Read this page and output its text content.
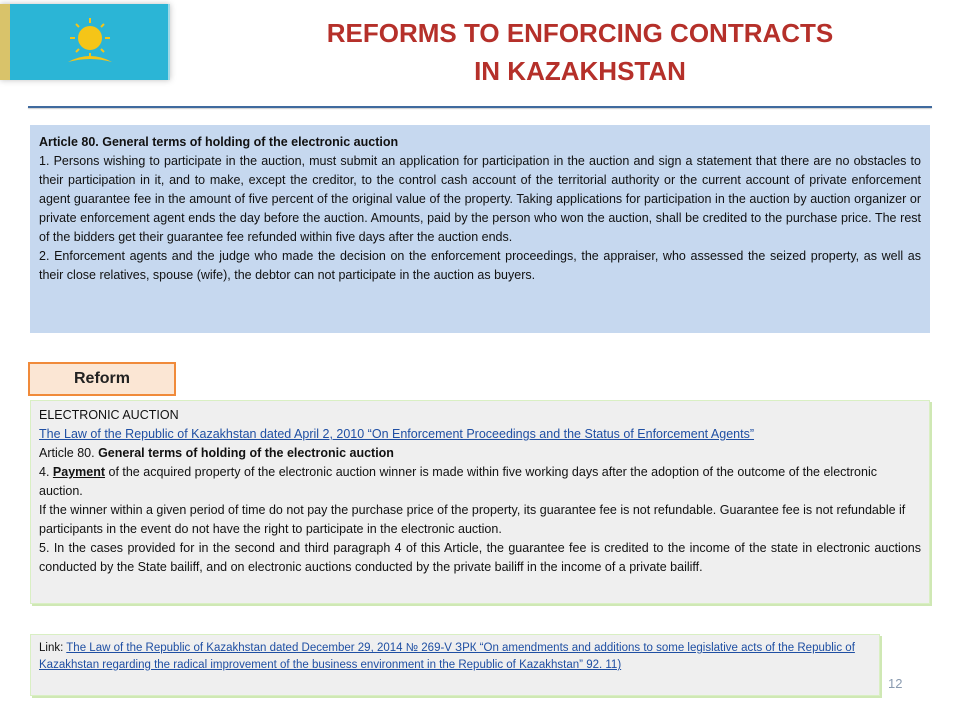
REFORMS TO ENFORCING CONTRACTS
IN KAZAKHSTAN

Article 80. General terms of holding of the electronic auction

1. Persons wishing to participate in the auction, must submit an application for participation in the auction and sign a statement that there are no obstacles to their participation in it, and to make, except the creditor, to the control cash account of the territorial authority or the current account of private enforcement agent guarantee fee in the amount of five percent of the original value of the property. Taking applications for participation in the auction by auction organizer or private enforcement agent ends the day before the auction. Amounts, paid by the person who won the auction, shall be credited to the purchase price. The rest of the bidders get their guarantee fee refunded within five days after the auction ends.

2. Enforcement agents and the judge who made the decision on the enforcement proceedings, the appraiser, who assessed the seized property, as well as their close relatives, spouse (wife), the debtor can not participate in the auction as buyers.

Reform

ELECTRONIC AUCTION

The Law of the Republic of Kazakhstan dated April 2, 2010 “On Enforcement Proceedings and the Status of Enforcement Agents”

Article 80. General terms of holding of the electronic auction

4. Payment of the acquired property of the electronic auction winner is made within five working days after the adoption of the outcome of the electronic auction.

If the winner within a given period of time do not pay the purchase price of the property, its guarantee fee is not refundable. Guarantee fee is not refundable if participants in the event do not have the right to participate in the electronic auction.

5. In the cases provided for in the second and third paragraph 4 of this Article, the guarantee fee is credited to the income of the state in electronic auctions conducted by the State bailiff, and on electronic auctions conducted by the private bailiff in the income of a private bailiff.

Link: The Law of the Republic of Kazakhstan dated December 29, 2014 № 269-V ЗРК “On amendments and additions to some legislative acts of the Republic of Kazakhstan regarding the radical improvement of the business environment in the Republic of Kazakhstan” 92. 11)
12
